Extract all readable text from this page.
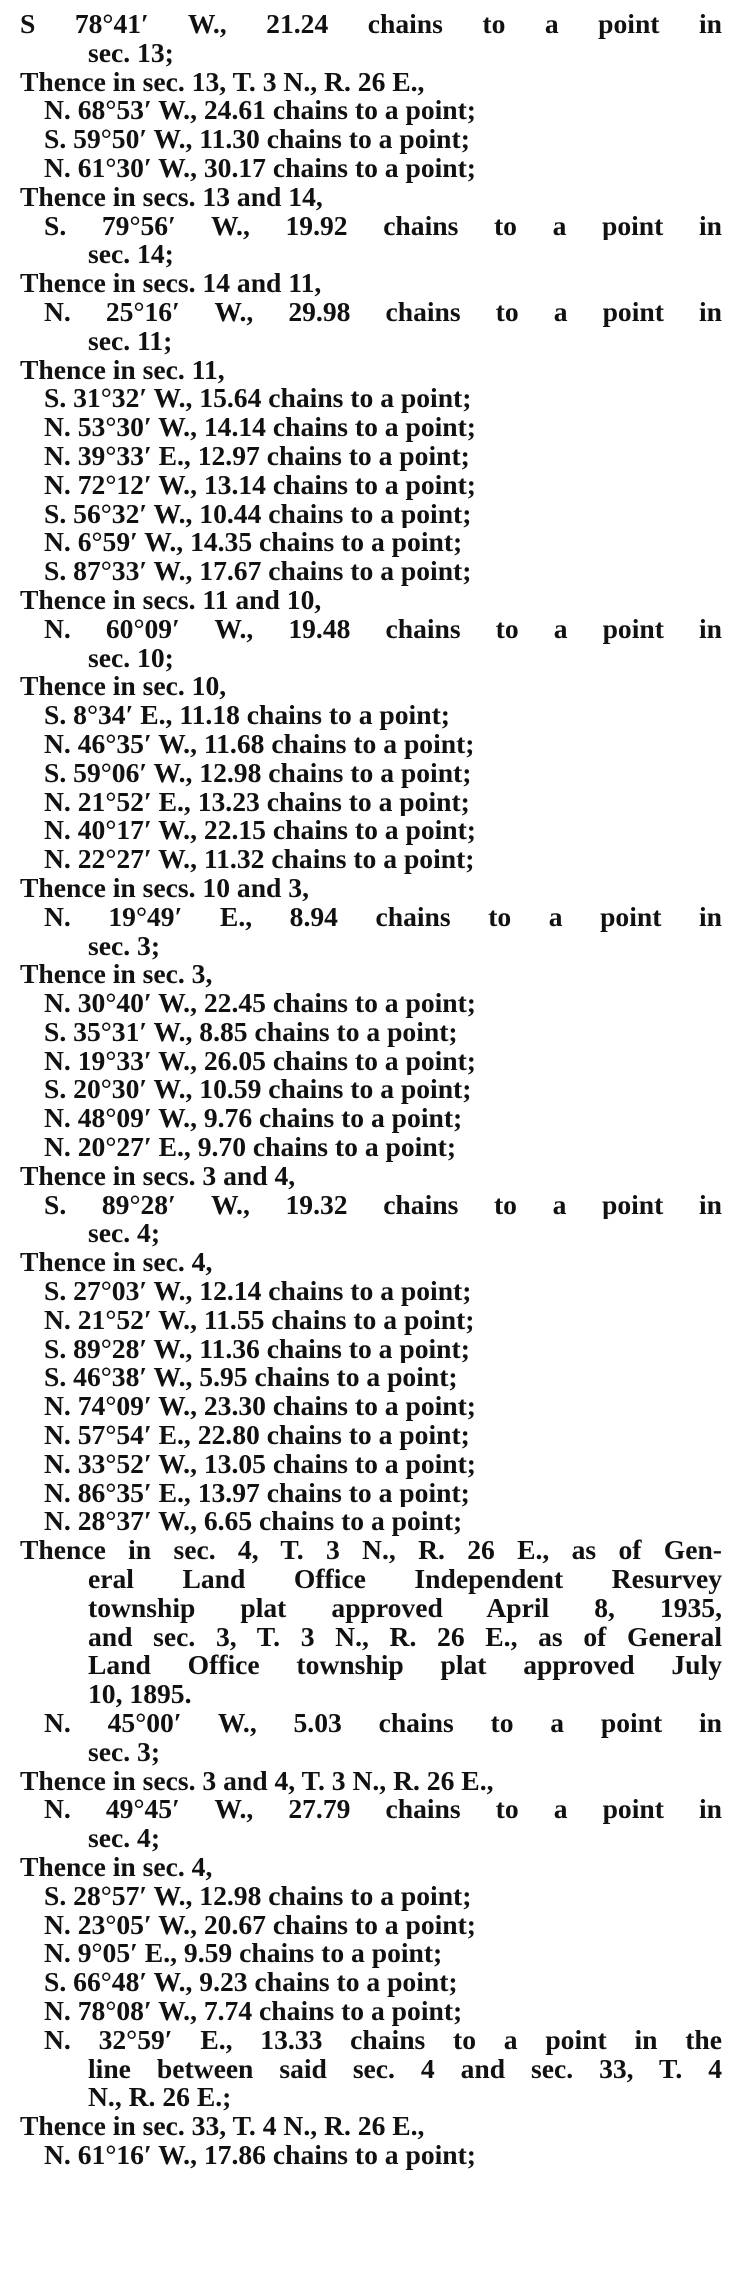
S 78°41′ W., 21.24 chains to a point in
sec. 13;
Thence in sec. 13, T. 3 N., R. 26 E.,
N. 68°53′ W., 24.61 chains to a point;
S. 59°50′ W., 11.30 chains to a point;
N. 61°30′ W., 30.17 chains to a point;
Thence in secs. 13 and 14,
S. 79°56′ W., 19.92 chains to a point in
sec. 14;
Thence in secs. 14 and 11,
N. 25°16′ W., 29.98 chains to a point in
sec. 11;
Thence in sec. 11,
S. 31°32′ W., 15.64 chains to a point;
N. 53°30′ W., 14.14 chains to a point;
N. 39°33′ E., 12.97 chains to a point;
N. 72°12′ W., 13.14 chains to a point;
S. 56°32′ W., 10.44 chains to a point;
N. 6°59′ W., 14.35 chains to a point;
S. 87°33′ W., 17.67 chains to a point;
Thence in secs. 11 and 10,
N. 60°09′ W., 19.48 chains to a point in
sec. 10;
Thence in sec. 10,
S. 8°34′ E., 11.18 chains to a point;
N. 46°35′ W., 11.68 chains to a point;
S. 59°06′ W., 12.98 chains to a point;
N. 21°52′ E., 13.23 chains to a point;
N. 40°17′ W., 22.15 chains to a point;
N. 22°27′ W., 11.32 chains to a point;
Thence in secs. 10 and 3,
N. 19°49′ E., 8.94 chains to a point in
sec. 3;
Thence in sec. 3,
N. 30°40′ W., 22.45 chains to a point;
S. 35°31′ W., 8.85 chains to a point;
N. 19°33′ W., 26.05 chains to a point;
S. 20°30′ W., 10.59 chains to a point;
N. 48°09′ W., 9.76 chains to a point;
N. 20°27′ E., 9.70 chains to a point;
Thence in secs. 3 and 4,
S. 89°28′ W., 19.32 chains to a point in
sec. 4;
Thence in sec. 4,
S. 27°03′ W., 12.14 chains to a point;
N. 21°52′ W., 11.55 chains to a point;
S. 89°28′ W., 11.36 chains to a point;
S. 46°38′ W., 5.95 chains to a point;
N. 74°09′ W., 23.30 chains to a point;
N. 57°54′ E., 22.80 chains to a point;
N. 33°52′ W., 13.05 chains to a point;
N. 86°35′ E., 13.97 chains to a point;
N. 28°37′ W., 6.65 chains to a point;
Thence in sec. 4, T. 3 N., R. 26 E., as of Gen-
eral Land Office Independent Resurvey
township plat approved April 8, 1935,
and sec. 3, T. 3 N., R. 26 E., as of General
Land Office township plat approved July
10, 1895.
N. 45°00′ W., 5.03 chains to a point in
sec. 3;
Thence in secs. 3 and 4, T. 3 N., R. 26 E.,
N. 49°45′ W., 27.79 chains to a point in
sec. 4;
Thence in sec. 4,
S. 28°57′ W., 12.98 chains to a point;
N. 23°05′ W., 20.67 chains to a point;
N. 9°05′ E., 9.59 chains to a point;
S. 66°48′ W., 9.23 chains to a point;
N. 78°08′ W., 7.74 chains to a point;
N. 32°59′ E., 13.33 chains to a point in the
line between said sec. 4 and sec. 33, T. 4
N., R. 26 E.;
Thence in sec. 33, T. 4 N., R. 26 E.,
N. 61°16′ W., 17.86 chains to a point;
